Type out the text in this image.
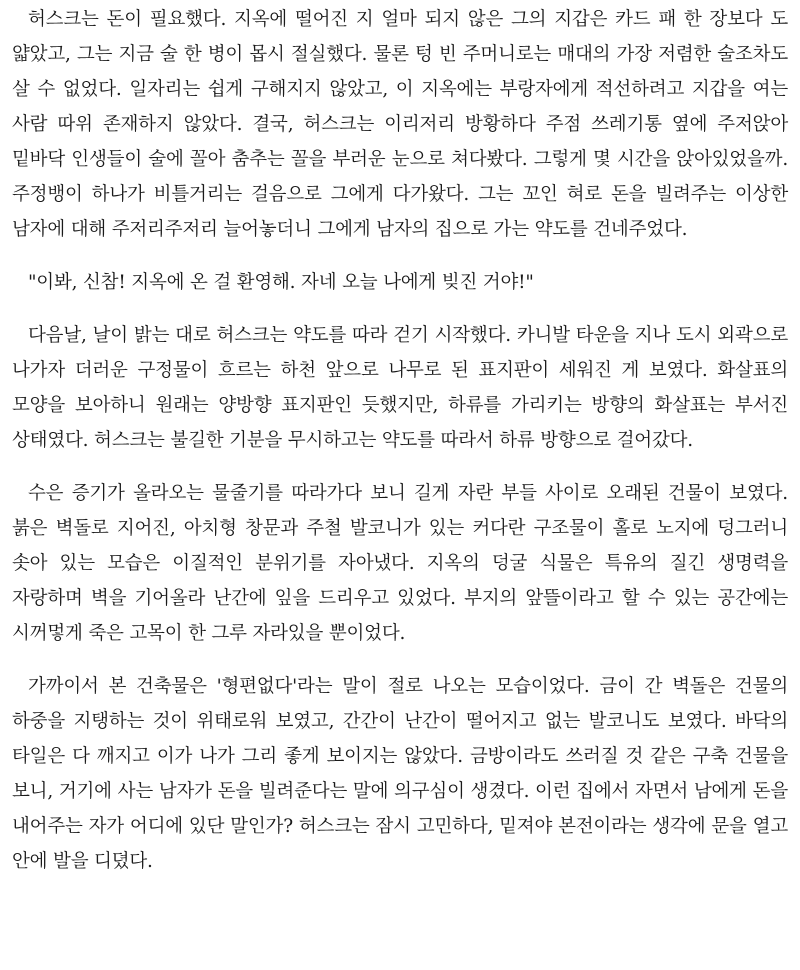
허스크는 돈이 필요했다. 지옥에 떨어진 지 얼마 되지 않은 그의 지갑은 카드 패 한 장보다 도 얇았고, 그는 지금 술 한 병이 몹시 절실했다. 물론 텅 빈 주머니로는 매대의 가장 저렴한 술조차도 살 수 없었다. 일자리는 쉽게 구해지지 않았고, 이 지옥에는 부랑자에게 적선하려고 지갑을 여는 사람 따위 존재하지 않았다. 결국, 허스크는 이리저리 방황하다 주점 쓰레기통 옆에 주저앉아 밑바닥 인생들이 술에 꼴아 춤추는 꼴을 부러운 눈으로 쳐다봤다. 그렇게 몇 시간을 앉아있었을까. 주정뱅이 하나가 비틀거리는 걸음으로 그에게 다가왔다. 그는 꼬인 혀로 돈을 빌려주는 이상한 남자에 대해 주저리주저리 늘어놓더니 그에게 남자의 집으로 가는 약도를 건네주었다.

"이봐, 신참! 지옥에 온 걸 환영해. 자네 오늘 나에게 빚진 거야!"

다음날, 날이 밝는 대로 허스크는 약도를 따라 걷기 시작했다. 카니발 타운을 지나 도시 외곽으로 나가자 더러운 구정물이 흐르는 하천 앞으로 나무로 된 표지판이 세워진 게 보였다. 화살표의 모양을 보아하니 원래는 양방향 표지판인 듯했지만, 하류를 가리키는 방향의 화살표는 부서진 상태였다. 허스크는 불길한 기분을 무시하고는 약도를 따라서 하류 방향으로 걸어갔다.

수은 증기가 올라오는 물줄기를 따라가다 보니 길게 자란 부들 사이로 오래된 건물이 보였다. 붉은 벽돌로 지어진, 아치형 창문과 주철 발코니가 있는 커다란 구조물이 홀로 노지에 덩그러니 솟아 있는 모습은 이질적인 분위기를 자아냈다. 지옥의 덩굴 식물은 특유의 질긴 생명력을 자랑하며 벽을 기어올라 난간에 잎을 드리우고 있었다. 부지의 앞뜰이라고 할 수 있는 공간에는 시꺼멓게 죽은 고목이 한 그루 자라있을 뿐이었다.

가까이서 본 건축물은 '형편없다'라는 말이 절로 나오는 모습이었다. 금이 간 벽돌은 건물의 하중을 지탱하는 것이 위태로워 보였고, 간간이 난간이 떨어지고 없는 발코니도 보였다. 바닥의 타일은 다 깨지고 이가 나가 그리 좋게 보이지는 않았다. 금방이라도 쓰러질 것 같은 구축 건물을 보니, 거기에 사는 남자가 돈을 빌려준다는 말에 의구심이 생겼다. 이런 집에서 자면서 남에게 돈을 내어주는 자가 어디에 있단 말인가? 허스크는 잠시 고민하다, 밑져야 본전이라는 생각에 문을 열고 안에 발을 디뎠다.
